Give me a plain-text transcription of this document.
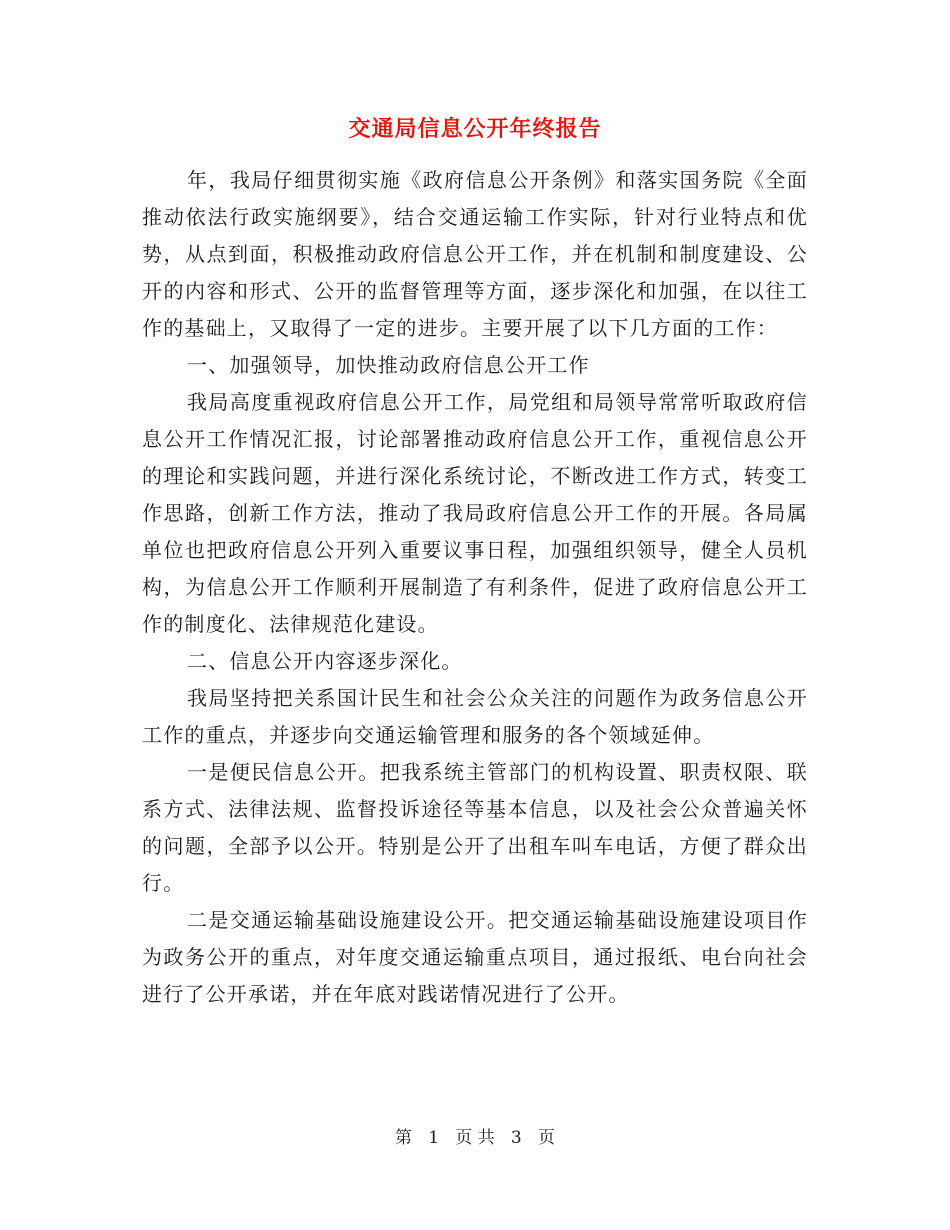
交通局信息公开年终报告

年，我局仔细贯彻实施《政府信息公开条例》和落实国务院《全面推动依法行政实施纲要》，结合交通运输工作实际，针对行业特点和优势，从点到面，积极推动政府信息公开工作，并在机制和制度建设、公开的内容和形式、公开的监督管理等方面，逐步深化和加强，在以往工作的基础上，又取得了一定的进步。主要开展了以下几方面的工作：

一、加强领导，加快推动政府信息公开工作

我局高度重视政府信息公开工作，局党组和局领导常常听取政府信息公开工作情况汇报，讨论部署推动政府信息公开工作，重视信息公开的理论和实践问题，并进行深化系统讨论，不断改进工作方式，转变工作思路，创新工作方法，推动了我局政府信息公开工作的开展。各局属单位也把政府信息公开列入重要议事日程，加强组织领导，健全人员机构，为信息公开工作顺利开展制造了有利条件，促进了政府信息公开工作的制度化、法律规范化建设。

二、信息公开内容逐步深化。

我局坚持把关系国计民生和社会公众关注的问题作为政务信息公开工作的重点，并逐步向交通运输管理和服务的各个领域延伸。

一是便民信息公开。把我系统主管部门的机构设置、职责权限、联系方式、法律法规、监督投诉途径等基本信息，以及社会公众普遍关怀的问题，全部予以公开。特别是公开了出租车叫车电话，方便了群众出行。

二是交通运输基础设施建设公开。把交通运输基础设施建设项目作为政务公开的重点，对年度交通运输重点项目，通过报纸、电台向社会进行了公开承诺，并在年底对践诺情况进行了公开。

第 1 页 共 3 页
